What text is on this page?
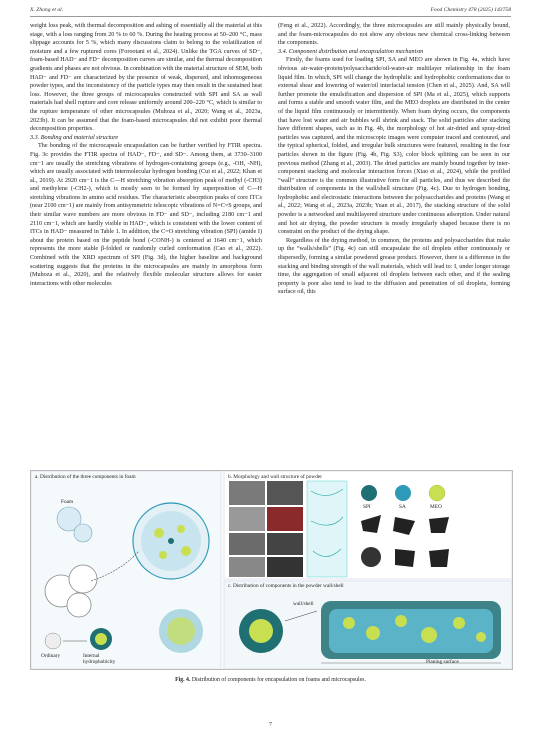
X. Zhong et al.	Food Chemistry 478 (2025) 143758

weight loss peak, with thermal decomposition and ashing of essentially all the material at this stage, with a loss ranging from 20 % to 60 %. During the heating process at 50–200 °C, mass slippage accounts for 5 %, which many discussions claim to belong to the volatilization of moisture and a few ruptured cores (Forootani et al., 2024). Unlike the TGA curves of SD−, foam-based HAD− and FD− decomposition curves are similar, and the thermal decomposition gradients and phases are not obvious. In combination with the material structure of SEM, both HAD− and FD− are characterized by the presence of weak, dispersed, and inhomogeneous powder types, and the inconsistency of the particle types may then result in the sustained heat loss. However, the three groups of microcapsules constructed with SPI and SA as wall materials had shell rupture and core release uniformly around 200–220 °C, which is similar to the rupture temperature of other microcapsules (Muhoza et al., 2020; Wang et al., 2023a, 2023b). It can be assumed that the foam-based microcapsules did not exhibit poor thermal decomposition properties.

3.3. Bonding and material structure

The bonding of the microcapsule encapsulation can be further verified by FTIR spectra. Fig. 3c provides the FTIR spectra of HAD−, FD−, and SD−. Among them, at 3730–3100 cm−1 are usually the stretching vibrations of hydrogen-containing groups (e.g., -OH, -NH), which are usually associated with intermolecular hydrogen bonding (Cui et al., 2022; Khan et al., 2019). At 2920 cm−1 is the C—H stretching vibration absorption peak of methyl (-CH3) and methylene (-CH2-), which is mostly seen to be formed by superposition of C—H stretching vibrations in amino acid residues. The characteristic absorption peaks of core ITCs (near 2100 cm−1) are mainly from antisymmetric telescopic vibrations of N=C=S groups, and their similar wave numbers are more obvious in FD− and SD−, including 2180 cm−1 and 2110 cm−1, which are hardly visible in HAD−, which is consistent with the lower content of ITCs in HAD− measured in Table 1. In addition, the C=O stretching vibration (SPI) (amide I) about the protein based on the peptide bond (-CONH-) is centered at 1640 cm−1, which represents the more stable β-folded or randomly curled conformation (Cao et al., 2022). Combined with the XRD spectrum of SPI (Fig. 3d), the higher baseline and background scattering suggests that the proteins in the microcapsules are mainly in amorphous form (Muhoza et al., 2020), and the relatively flexible molecular structure allows for easier interactions with other molecules

(Feng et al., 2022). Accordingly, the three microcapsules are still mainly physically bound, and the foam-microcapsules do not show any obvious new chemical cross-linking between the components.

3.4. Component distribution and encapsulation mechanism

Firstly, the foams used for loading SPI, SA and MEO are shown in Fig. 4a, which have obvious air-water-protein/polysaccharide/oil-water-air multilayer relationship in the foam liquid film. In which, SPI will change the hydrophilic and hydrophobic conformations due to external shear and lowering of water/oil interfacial tension (Chen et al., 2025). And, SA will further promote the emulsification and dispersion of SPI (Ma et al., 2025), which supports and forms a stable and smooth water film, and the MEO droplets are distributed in the center of the liquid film continuously or intermittently. When foam drying occurs, the components that have lost water and air bubbles will shrink and stack. The solid particles after stacking have different shapes, such as in Fig. 4b, the morphology of hot air-dried and spray-dried particles was captured, and the microscopic images were computer traced and contoured, and the typical spherical, folded, and irregular bulk structures were featured, resulting in the four particles shown in the figure (Fig. 4b, Fig. S3), color block splitting can be seen in our previous method (Zhang et al., 2003). The dried particles are mainly bound together by inter-component stacking and molecular interaction forces (Xiao et al., 2024), while the profiled “wall” structure is the common illustrative form for all particles, and thus we described the distribution of components in the wall/shell structure (Fig. 4c). Due to hydrogen bonding, hydrophobic and electrostatic interactions between the polysaccharides and proteins (Wang et al., 2022; Wang et al., 2023a, 2023b; Yuan et al., 2017), the stacking structure of the solid powder is a networked and multilayered structure under continuous adsorption. Under natural and hot air drying, the powder structure is mostly irregularly shaped because there is no constraint on the product of the drying shape.

Regardless of the drying method, in common, the proteins and polysaccharides that make up the “walls/shells” (Fig. 4c) can still encapsulate the oil droplets either continuously or dispersedly, forming a similar powdered grease product. However, there is a difference in the stacking and binding strength of the wall materials, which will lead to: I, under longer storage time, the aggregation of small adjacent oil droplets between each other, and if the sealing property is poor also tend to lead to the diffusion and penetration of oil droplets, forming surface oil, this

a. Distribution of the three components in foam	b. Morphology and wall structure of powder
c. Distribution of components in the powder wall/shell
Foam
Ordinary	Internal hydrophobicity
SPI	SA	MEO
wall/shell
Planing surface
Fig. 4. Distribution of components for encapsulation on foams and microcapsules.
7
